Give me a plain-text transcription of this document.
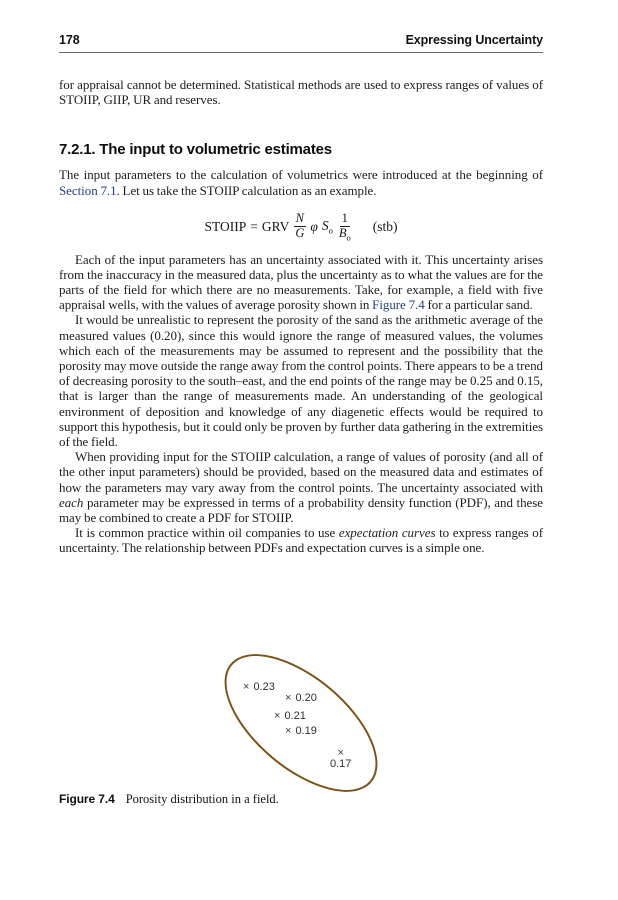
178	Expressing Uncertainty

for appraisal cannot be determined. Statistical methods are used to express ranges of values of STOIIP, GIIP, UR and reserves.

7.2.1. The input to volumetric estimates

The input parameters to the calculation of volumetrics were introduced at the beginning of Section 7.1. Let us take the STOIIP calculation as an example.

STOIIP = GRV $\frac{N}{G}$ φ $S_o \frac{1}{B_o} (stb)$

Each of the input parameters has an uncertainty associated with it. This uncertainty arises from the inaccuracy in the measured data, plus the uncertainty as to what the values are for the parts of the field for which there are no measurements. Take, for example, a field with five appraisal wells, with the values of average porosity shown in Figure 7.4 for a particular sand.

It would be unrealistic to represent the porosity of the sand as the arithmetic average of the measured values (0.20), since this would ignore the range of measured values, the volumes which each of the measurements may be assumed to represent and the possibility that the porosity may move outside the range away from the control points. There appears to be a trend of decreasing porosity to the south–east, and the end points of the range may be 0.25 and 0.15, that is larger than the range of measurements made. An understanding of the geological environment of deposition and knowledge of any diagenetic effects would be required to support this hypothesis, but it could only be proven by further data gathering in the extremities of the field.

When providing input for the STOIIP calculation, a range of values of porosity (and all of the other input parameters) should be provided, based on the measured data and estimates of how the parameters may vary away from the control points. The uncertainty associated with each parameter may be expressed in terms of a probability density function (PDF), and these may be combined to create a PDF for STOIIP.

It is common practice within oil companies to use expectation curves to express ranges of uncertainty. The relationship between PDFs and expectation curves is a simple one.

× 0.23
× 0.20
× 0.21
× 0.19
×
0.17
Figure 7.4 Porosity distribution in a field.
